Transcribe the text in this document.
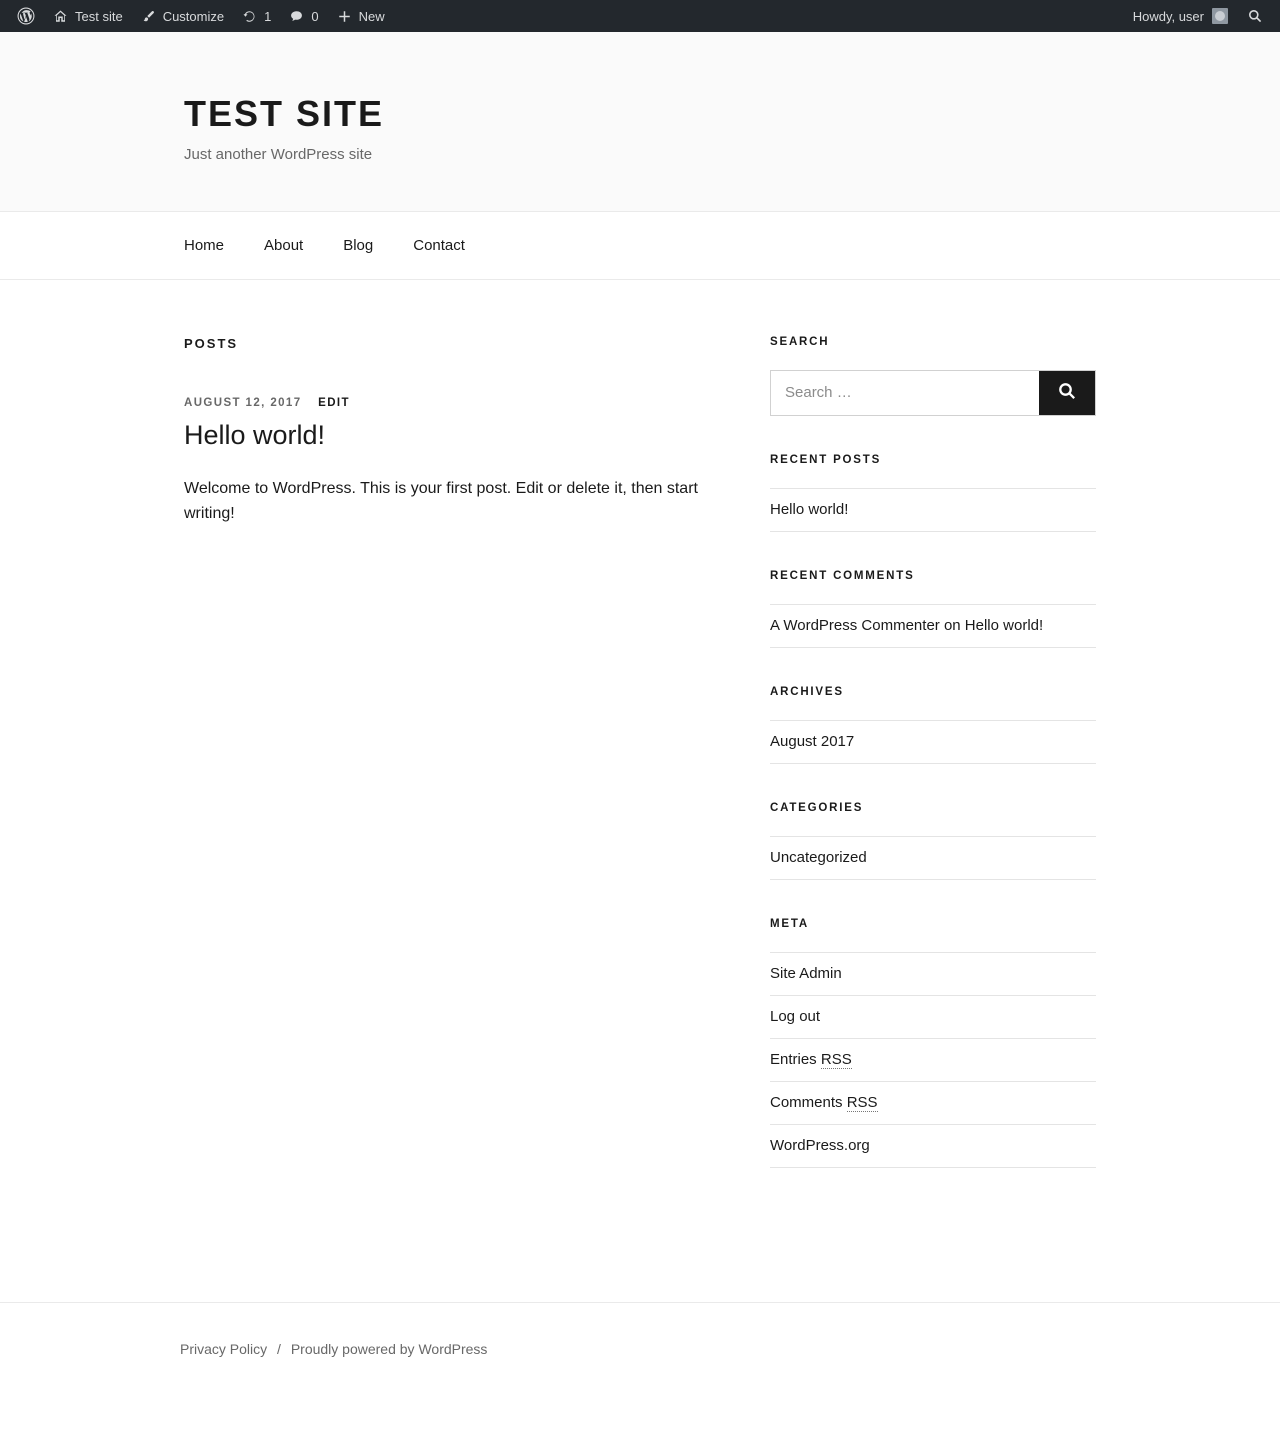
Test site	Customize	1	0	New	Howdy, user
TEST SITE

Just another WordPress site

Home	About	Blog	Contact
POSTS
AUGUST 12, 2017 EDIT
Hello world!
Welcome to WordPress. This is your first post. Edit or delete it, then start writing!
SEARCH
Search …
RECENT POSTS
Hello world!
RECENT COMMENTS
A WordPress Commenter on Hello world!
ARCHIVES
August 2017
CATEGORIES
Uncategorized
META
Site Admin
Log out
Entries RSS
Comments RSS
WordPress.org
Privacy Policy / Proudly powered by WordPress
